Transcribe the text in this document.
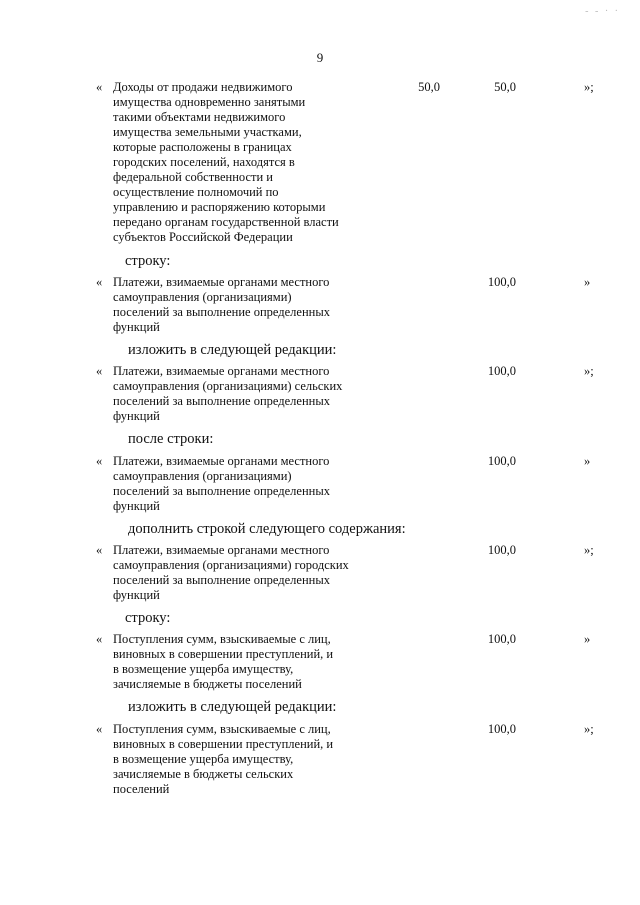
- - · ·
9
« Доходы от продажи недвижимого
имущества одновременно занятыми
такими объектами недвижимого
имущества земельными участками,
которые расположены в границах
городских поселений, находятся в
федеральной собственности и
осуществление полномочий по
управлению и распоряжению которыми
передано органам государственной власти
субъектов Российской Федерации
50,0	50,0	»;
строку:
« Платежи, взимаемые органами местного
самоуправления (организациями)
поселений за выполнение определенных
функций
100,0	»
изложить в следующей редакции:
« Платежи, взимаемые органами местного
самоуправления (организациями) сельских
поселений за выполнение определенных
функций
100,0	»;
после строки:
« Платежи, взимаемые органами местного
самоуправления (организациями)
поселений за выполнение определенных
функций
100,0	»
дополнить строкой следующего содержания:
« Платежи, взимаемые органами местного
самоуправления (организациями) городских
поселений за выполнение определенных
функций
100,0	»;
строку:
« Поступления сумм, взыскиваемые с лиц,
виновных в совершении преступлений, и
в возмещение ущерба имуществу,
зачисляемые в бюджеты поселений
100,0	»
изложить в следующей редакции:
« Поступления сумм, взыскиваемые с лиц,
виновных в совершении преступлений, и
в возмещение ущерба имуществу,
зачисляемые в бюджеты сельских
поселений
100,0	»;
